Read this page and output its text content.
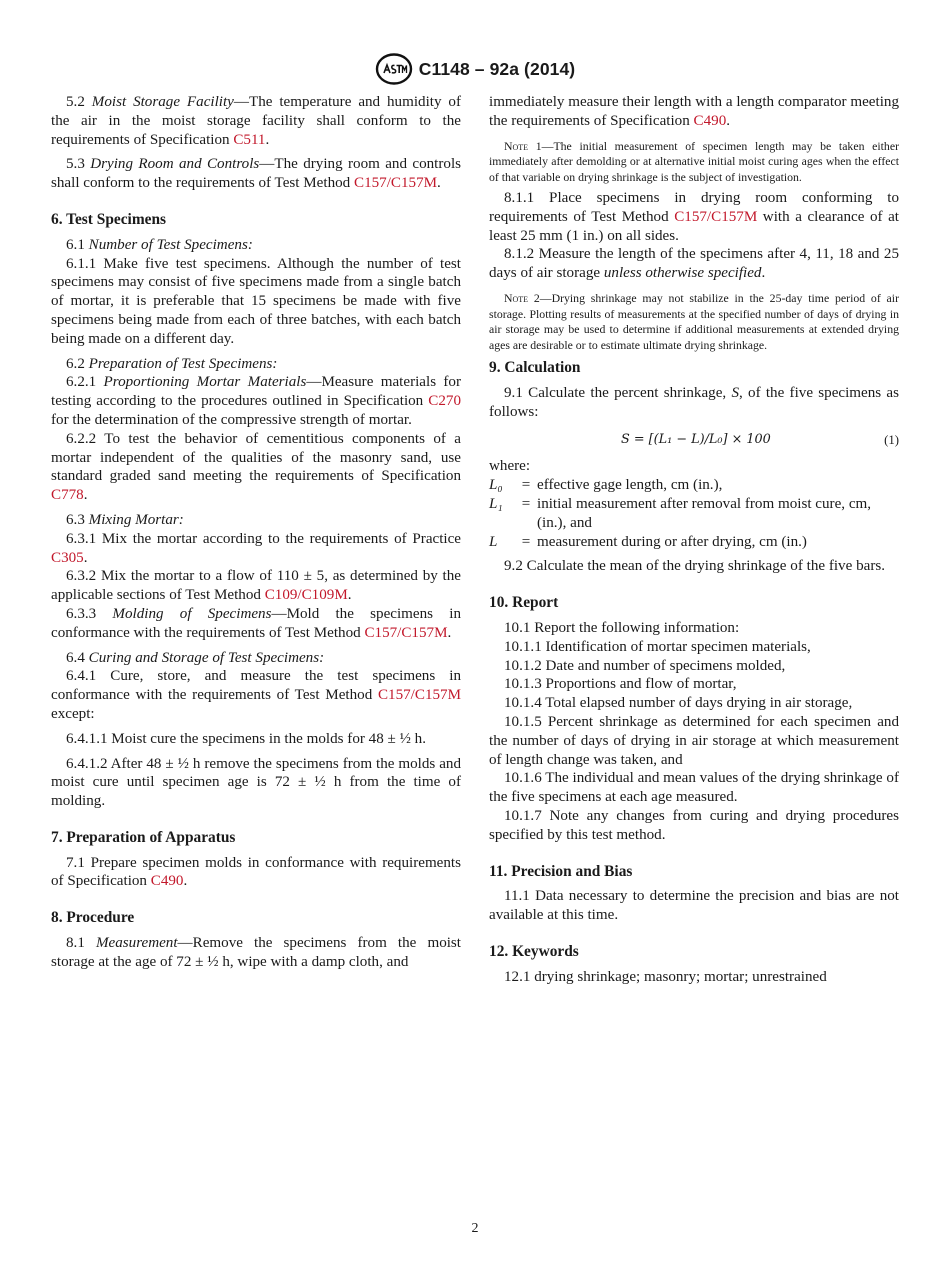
C1148 – 92a (2014)

5.2 Moist Storage Facility—The temperature and humidity of the air in the moist storage facility shall conform to the requirements of Specification C511.

5.3 Drying Room and Controls—The drying room and controls shall conform to the requirements of Test Method C157/C157M.

6. Test Specimens

6.1 Number of Test Specimens:

6.1.1 Make five test specimens. Although the number of test specimens may consist of five specimens made from a single batch of mortar, it is preferable that 15 specimens be made with five specimens being made from each of three batches, with each batch being made on a different day.

6.2 Preparation of Test Specimens:

6.2.1 Proportioning Mortar Materials—Measure materials for testing according to the procedures outlined in Specification C270 for the determination of the compressive strength of mortar.

6.2.2 To test the behavior of cementitious components of a mortar independent of the qualities of the masonry sand, use standard graded sand meeting the requirements of Specification C778.

6.3 Mixing Mortar:

6.3.1 Mix the mortar according to the requirements of Practice C305.

6.3.2 Mix the mortar to a flow of 110 ± 5, as determined by the applicable sections of Test Method C109/C109M.

6.3.3 Molding of Specimens—Mold the specimens in conformance with the requirements of Test Method C157/C157M.

6.4 Curing and Storage of Test Specimens:

6.4.1 Cure, store, and measure the test specimens in conformance with the requirements of Test Method C157/C157M except:

6.4.1.1 Moist cure the specimens in the molds for 48 ± ½ h.

6.4.1.2 After 48 ± ½ h remove the specimens from the molds and moist cure until specimen age is 72 ± ½ h from the time of molding.

7. Preparation of Apparatus

7.1 Prepare specimen molds in conformance with requirements of Specification C490.

8. Procedure

8.1 Measurement—Remove the specimens from the moist storage at the age of 72 ± ½ h, wipe with a damp cloth, and

immediately measure their length with a length comparator meeting the requirements of Specification C490.

Note 1—The initial measurement of specimen length may be taken either immediately after demolding or at alternative initial moist curing ages when the effect of that variable on drying shrinkage is the subject of investigation.

8.1.1 Place specimens in drying room conforming to requirements of Test Method C157/C157M with a clearance of at least 25 mm (1 in.) on all sides.

8.1.2 Measure the length of the specimens after 4, 11, 18 and 25 days of air storage unless otherwise specified.

Note 2—Drying shrinkage may not stabilize in the 25-day time period of air storage. Plotting results of measurements at the specified number of days of drying in air storage may be used to determine if additional measurements at extended drying ages are desirable or to estimate ultimate drying shrinkage.

9. Calculation

9.1 Calculate the percent shrinkage, S, of the five specimens as follows:

S = [(L₁ − L)/L₀] × 100	(1)

where:

L₀	=	effective gage length, cm (in.),
L₁	=	initial measurement after removal from moist cure, cm, (in.), and
L	=	measurement during or after drying, cm (in.)

9.2 Calculate the mean of the drying shrinkage of the five bars.

10. Report

10.1 Report the following information:

10.1.1 Identification of mortar specimen materials,

10.1.2 Date and number of specimens molded,

10.1.3 Proportions and flow of mortar,

10.1.4 Total elapsed number of days drying in air storage,

10.1.5 Percent shrinkage as determined for each specimen and the number of days of drying in air storage at which measurement of length change was taken, and

10.1.6 The individual and mean values of the drying shrinkage of the five specimens at each age measured.

10.1.7 Note any changes from curing and drying procedures specified by this test method.

11. Precision and Bias

11.1 Data necessary to determine the precision and bias are not available at this time.

12. Keywords

12.1 drying shrinkage; masonry; mortar; unrestrained

2
